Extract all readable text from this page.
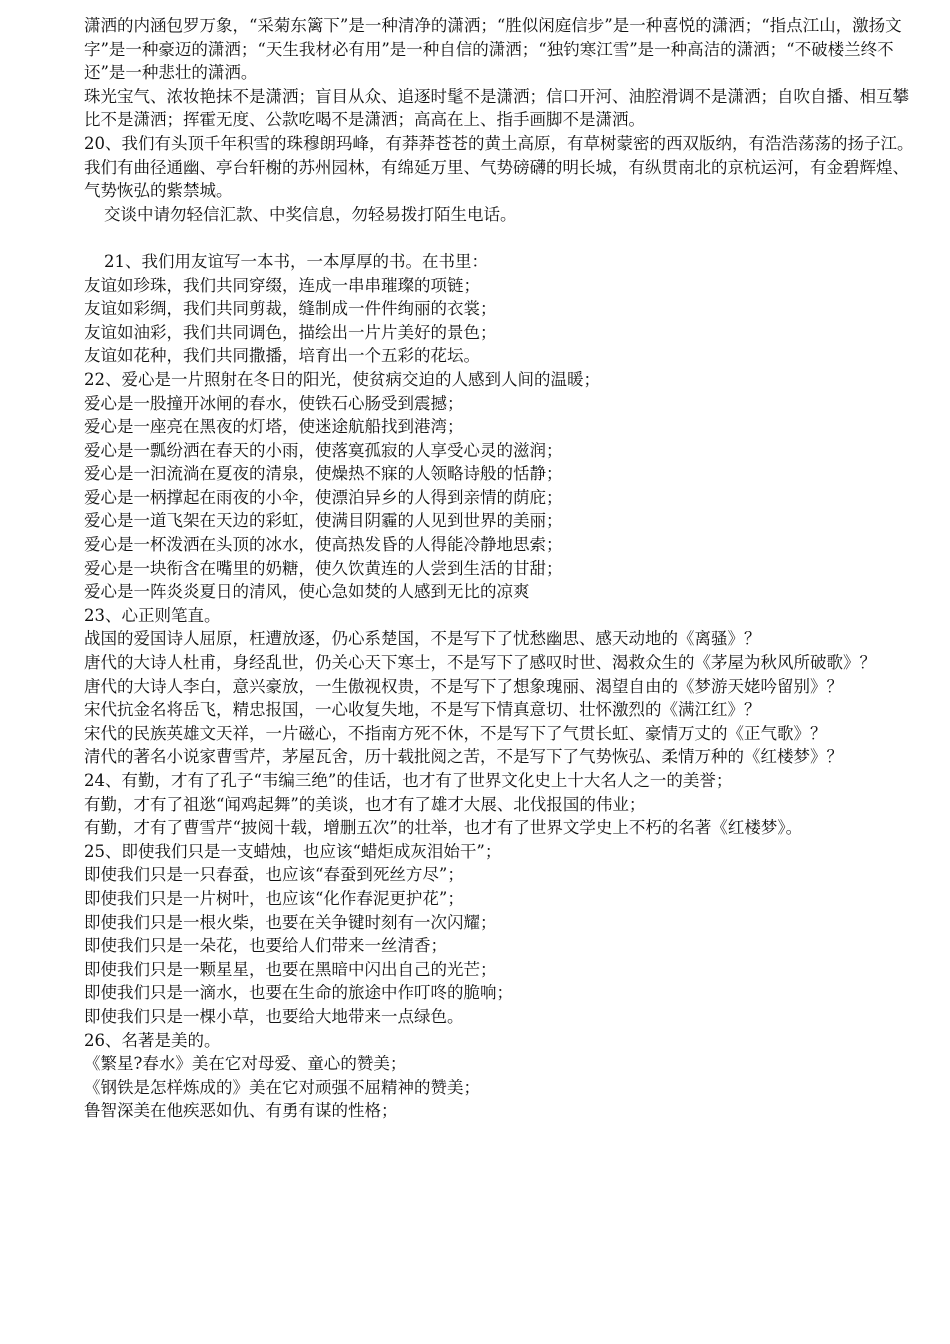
潇洒的内涵包罗万象，“采菊东篱下”是一种清净的潇洒；“胜似闲庭信步”是一种喜悦的潇洒；“指点江山，激扬文字”是一种豪迈的潇洒；“天生我材必有用”是一种自信的潇洒；“独钓寒江雪”是一种高洁的潇洒；“不破楼兰终不还”是一种悲壮的潇洒。
珠光宝气、浓妆艳抹不是潇洒；盲目从众、追逐时髦不是潇洒；信口开河、油腔滑调不是潇洒；自吹自播、相互攀比不是潇洒；挥霍无度、公款吃喝不是潇洒；高高在上、指手画脚不是潇洒。
20、我们有头顶千年积雪的珠穆朗玛峰，有莽莽苍苍的黄土高原，有草树蒙密的西双版纳，有浩浩荡荡的扬子江。
我们有曲径通幽、亭台轩榭的苏州园林，有绵延万里、气势磅礴的明长城，有纵贯南北的京杭运河，有金碧辉煌、气势恢弘的紫禁城。
交谈中请勿轻信汇款、中奖信息，勿轻易拨打陌生电话。
21、我们用友谊写一本书，一本厚厚的书。在书里：
友谊如珍珠，我们共同穿缀，连成一串串璀璨的项链；
友谊如彩绸，我们共同剪裁，缝制成一件件绚丽的衣裳；
友谊如油彩，我们共同调色，描绘出一片片美好的景色；
友谊如花种，我们共同撒播，培育出一个五彩的花坛。
22、爱心是一片照射在冬日的阳光，使贫病交迫的人感到人间的温暖；
爱心是一股撞开冰闸的春水，使铁石心肠受到震撼；
爱心是一座亮在黑夜的灯塔，使迷途航船找到港湾；
爱心是一瓢纷洒在春天的小雨，使落寞孤寂的人享受心灵的滋润；
爱心是一汩流淌在夏夜的清泉，使燥热不寐的人领略诗般的恬静；
爱心是一柄撑起在雨夜的小伞，使漂泊异乡的人得到亲情的荫庇；
爱心是一道飞架在天边的彩虹，使满目阴霾的人见到世界的美丽；
爱心是一杯泼洒在头顶的冰水，使高热发昏的人得能冷静地思索；
爱心是一块衔含在嘴里的奶糖，使久饮黄连的人尝到生活的甘甜；
爱心是一阵炎炎夏日的清风，使心急如焚的人感到无比的凉爽
23、心正则笔直。
战国的爱国诗人屈原，枉遭放逐，仍心系楚国，不是写下了忧愁幽思、感天动地的《离骚》？
唐代的大诗人杜甫，身经乱世，仍关心天下寒士，不是写下了感叹时世、渴救众生的《茅屋为秋风所破歌》？
唐代的大诗人李白，意兴豪放，一生傲视权贵，不是写下了想象瑰丽、渴望自由的《梦游天姥吟留别》？
宋代抗金名将岳飞，精忠报国，一心收复失地，不是写下情真意切、壮怀激烈的《满江红》？
宋代的民族英雄文天祥，一片磁心，不指南方死不休，不是写下了气贯长虹、豪情万丈的《正气歌》？
清代的著名小说家曹雪芹，茅屋瓦舍，历十载批阅之苦，不是写下了气势恢弘、柔情万种的《红楼梦》？
24、有勤，才有了孔子“韦编三绝”的佳话，也才有了世界文化史上十大名人之一的美誉；
有勤，才有了祖逖“闻鸡起舞”的美谈，也才有了雄才大展、北伐报国的伟业；
有勤，才有了曹雪芹“披阅十载，增删五次”的壮举，也才有了世界文学史上不朽的名著《红楼梦》。
25、即使我们只是一支蜡烛，也应该“蜡炬成灰泪始干”；
即使我们只是一只春蚕，也应该“春蚕到死丝方尽”；
即使我们只是一片树叶，也应该“化作春泥更护花”；
即使我们只是一根火柴，也要在关争键时刻有一次闪耀；
即使我们只是一朵花，也要给人们带来一丝清香；
即使我们只是一颗星星，也要在黑暗中闪出自己的光芒；
即使我们只是一滴水，也要在生命的旅途中作叮咚的脆响；
即使我们只是一棵小草，也要给大地带来一点绿色。
26、名著是美的。
《繁星?春水》美在它对母爱、童心的赞美；
《钢铁是怎样炼成的》美在它对顽强不屈精神的赞美；
鲁智深美在他疾恶如仇、有勇有谋的性格；
